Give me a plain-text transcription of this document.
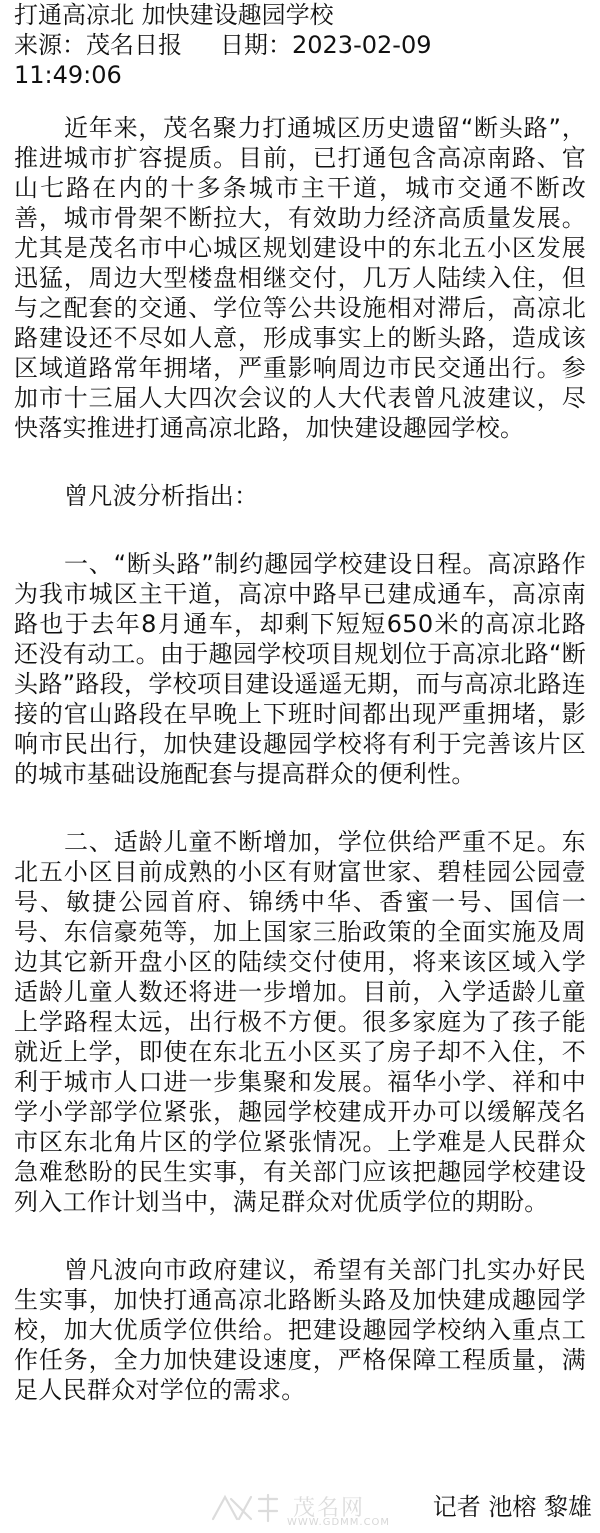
打通高凉北 加快建设趣园学校
来源：茂名日报 日期：2023-02-09
11:49:06

近年来，茂名聚力打通城区历史遗留“断头路”，推进城市扩容提质。目前，已打通包含高凉南路、官山七路在内的十多条城市主干道，城市交通不断改善，城市骨架不断拉大，有效助力经济高质量发展。尤其是茂名市中心城区规划建设中的东北五小区发展迅猛，周边大型楼盘相继交付，几万人陆续入住，但与之配套的交通、学位等公共设施相对滞后，高凉北路建设还不尽如人意，形成事实上的断头路，造成该区域道路常年拥堵，严重影响周边市民交通出行。参加市十三届人大四次会议的人大代表曾凡波建议，尽快落实推进打通高凉北路，加快建设趣园学校。

曾凡波分析指出：

一、“断头路”制约趣园学校建设日程。高凉路作为我市城区主干道，高凉中路早已建成通车，高凉南路也于去年8月通车，却剩下短短650米的高凉北路还没有动工。由于趣园学校项目规划位于高凉北路“断头路”路段，学校项目建设遥遥无期，而与高凉北路连接的官山路段在早晚上下班时间都出现严重拥堵，影响市民出行，加快建设趣园学校将有利于完善该片区的城市基础设施配套与提高群众的便利性。

二、适龄儿童不断增加，学位供给严重不足。东北五小区目前成熟的小区有财富世家、碧桂园公园壹号、敏捷公园首府、锦绣中华、香蜜一号、国信一号、东信豪苑等，加上国家三胎政策的全面实施及周边其它新开盘小区的陆续交付使用，将来该区域入学适龄儿童人数还将进一步增加。目前，入学适龄儿童上学路程太远，出行极不方便。很多家庭为了孩子能就近上学，即使在东北五小区买了房子却不入住，不利于城市人口进一步集聚和发展。福华小学、祥和中学小学部学位紧张，趣园学校建成开办可以缓解茂名市区东北角片区的学位紧张情况。上学难是人民群众急难愁盼的民生实事，有关部门应该把趣园学校建设列入工作计划当中，满足群众对优质学位的期盼。

曾凡波向市政府建议，希望有关部门扎实办好民生实事，加快打通高凉北路断头路及加快建成趣园学校，加大优质学位供给。把建设趣园学校纳入重点工作任务，全力加快建设速度，严格保障工程质量，满足人民群众对学位的需求。

茂名网
WWW.GDMM.COM
记者 池榕 黎雄
